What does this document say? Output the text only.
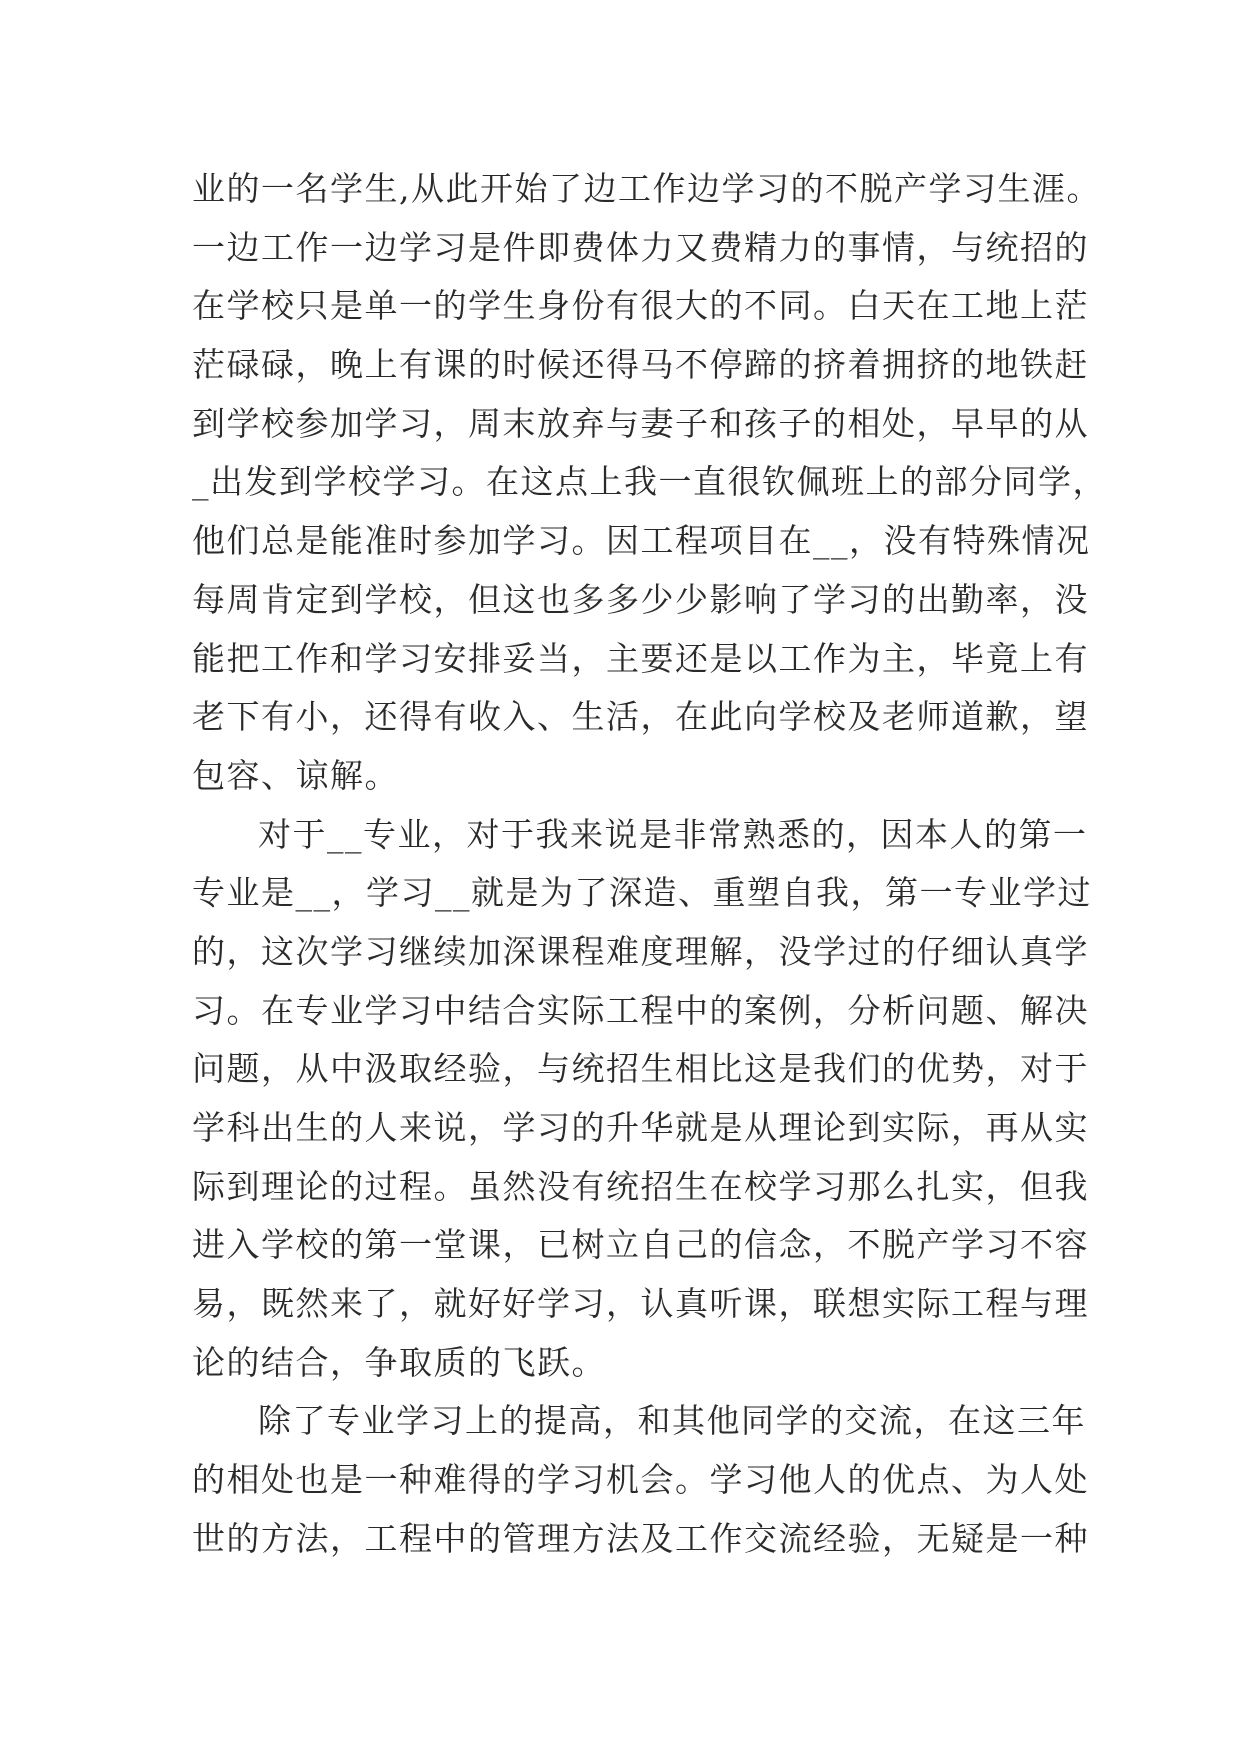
业的一名学生,从此开始了边工作边学习的不脱产学习生涯。
一边工作一边学习是件即费体力又费精力的事情，与统招的
在学校只是单一的学生身份有很大的不同。白天在工地上茫
茫碌碌，晚上有课的时候还得马不停蹄的挤着拥挤的地铁赶
到学校参加学习，周末放弃与妻子和孩子的相处，早早的从
_出发到学校学习。在这点上我一直很钦佩班上的部分同学，
他们总是能准时参加学习。因工程项目在__，没有特殊情况
每周肯定到学校，但这也多多少少影响了学习的出勤率，没
能把工作和学习安排妥当，主要还是以工作为主，毕竟上有
老下有小，还得有收入、生活，在此向学校及老师道歉，望
包容、谅解。
对于__专业，对于我来说是非常熟悉的，因本人的第一
专业是__，学习__就是为了深造、重塑自我，第一专业学过
的，这次学习继续加深课程难度理解，没学过的仔细认真学
习。在专业学习中结合实际工程中的案例，分析问题、解决
问题，从中汲取经验，与统招生相比这是我们的优势，对于
学科出生的人来说，学习的升华就是从理论到实际，再从实
际到理论的过程。虽然没有统招生在校学习那么扎实，但我
进入学校的第一堂课，已树立自己的信念，不脱产学习不容
易，既然来了，就好好学习，认真听课，联想实际工程与理
论的结合，争取质的飞跃。
除了专业学习上的提高，和其他同学的交流，在这三年
的相处也是一种难得的学习机会。学习他人的优点、为人处
世的方法，工程中的管理方法及工作交流经验，无疑是一种
